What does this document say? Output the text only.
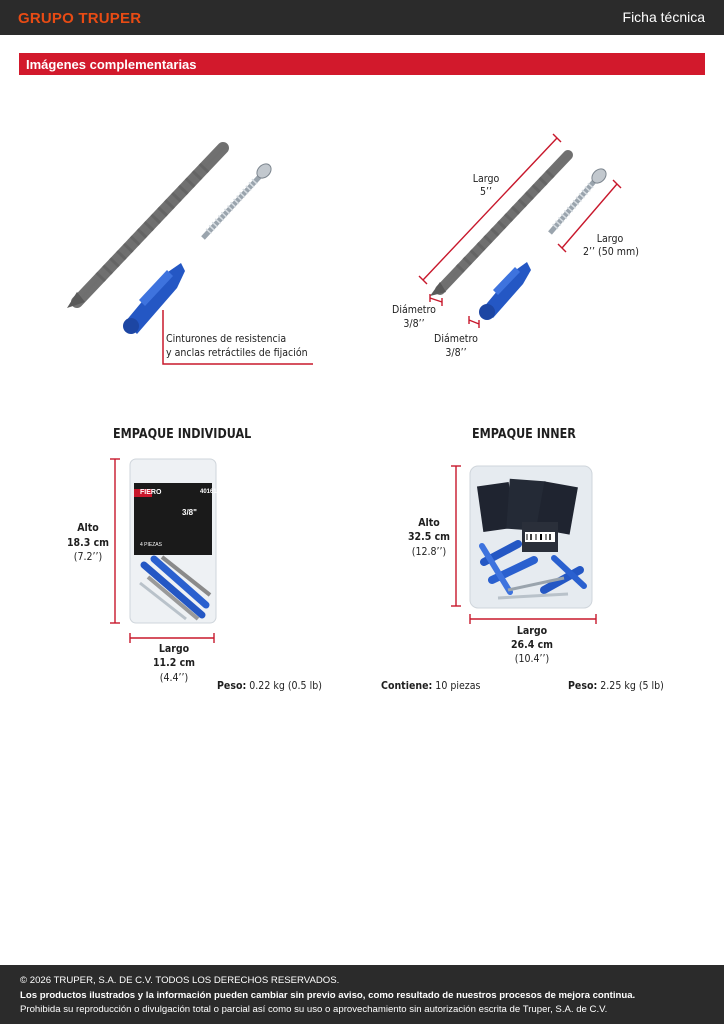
GRUPO TRUPER	Ficha técnica
Imágenes complementarias
Cinturones de resistencia
y anclas retráctiles de fijación
Largo
5’’
Largo
2’’ (50 mm)
Diámetro
3/8’’
Diámetro
3/8’’
EMPAQUE INDIVIDUAL
FIERO	40161
3/8"
4 PIEZAS
Alto
18.3 cm
(7.2’’)
Largo
11.2 cm
(4.4’’)
Peso: 0.22 kg (0.5 lb)
EMPAQUE INNER
Alto
32.5 cm
(12.8’’)
Largo
26.4 cm
(10.4’’)
Contiene: 10 piezas	Peso: 2.25 kg (5 lb)
© 2026 TRUPER, S.A. DE C.V. TODOS LOS DERECHOS RESERVADOS.
Los productos ilustrados y la información pueden cambiar sin previo aviso, como resultado de nuestros procesos de mejora continua.
Prohibida su reproducción o divulgación total o parcial así como su uso o aprovechamiento sin autorización escrita de Truper, S.A. de C.V.
